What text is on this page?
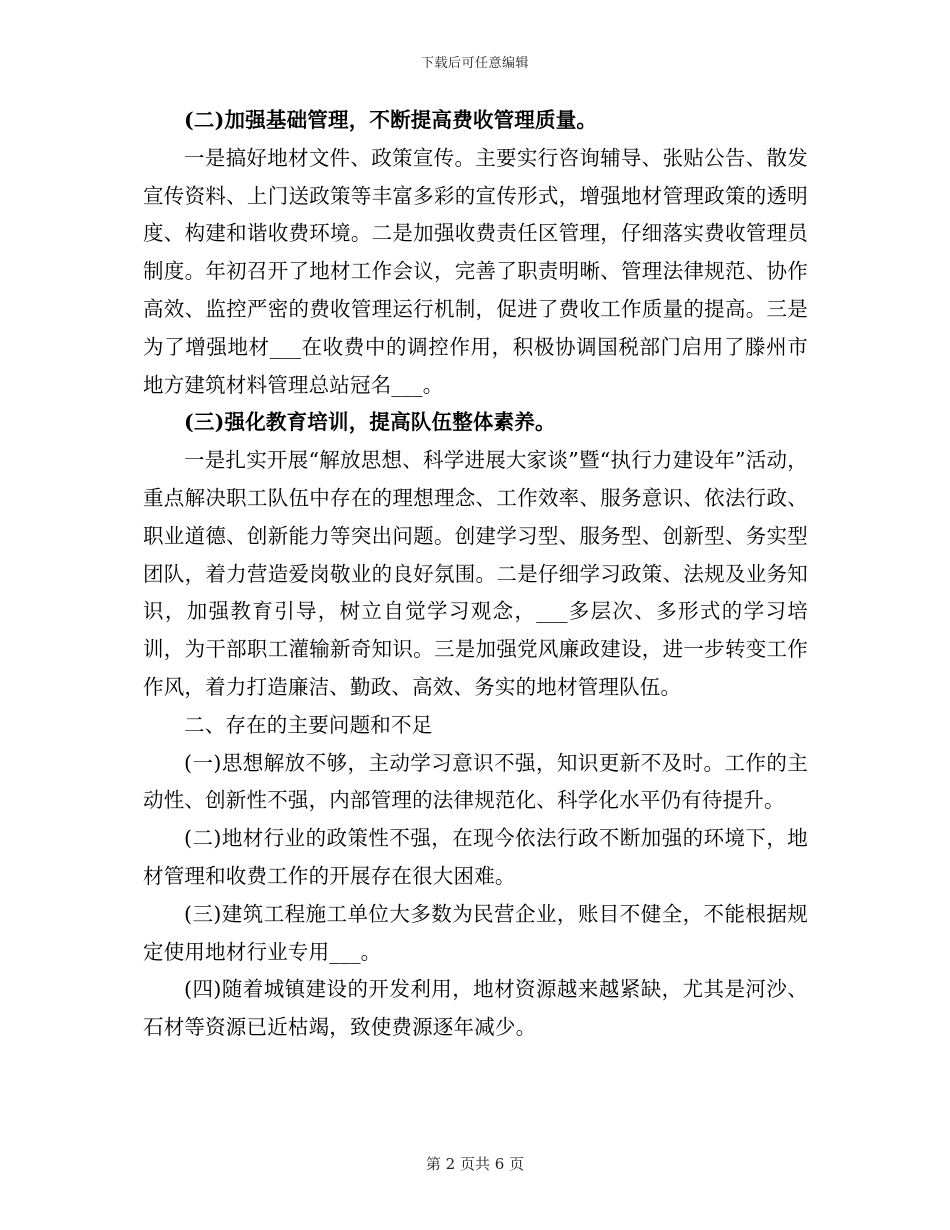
下载后可任意编辑

(二)加强基础管理，不断提高费收管理质量。

一是搞好地材文件、政策宣传。主要实行咨询辅导、张贴公告、散发宣传资料、上门送政策等丰富多彩的宣传形式，增强地材管理政策的透明度、构建和谐收费环境。二是加强收费责任区管理，仔细落实费收管理员制度。年初召开了地材工作会议，完善了职责明晰、管理法律规范、协作高效、监控严密的费收管理运行机制，促进了费收工作质量的提高。三是为了增强地材___在收费中的调控作用，积极协调国税部门启用了滕州市地方建筑材料管理总站冠名___。

(三)强化教育培训，提高队伍整体素养。

一是扎实开展“解放思想、科学进展大家谈”暨“执行力建设年”活动，重点解决职工队伍中存在的理想理念、工作效率、服务意识、依法行政、职业道德、创新能力等突出问题。创建学习型、服务型、创新型、务实型团队，着力营造爱岗敬业的良好氛围。二是仔细学习政策、法规及业务知识，加强教育引导，树立自觉学习观念，___多层次、多形式的学习培训，为干部职工灌输新奇知识。三是加强党风廉政建设，进一步转变工作作风，着力打造廉洁、勤政、高效、务实的地材管理队伍。

二、存在的主要问题和不足

(一)思想解放不够，主动学习意识不强，知识更新不及时。工作的主动性、创新性不强，内部管理的法律规范化、科学化水平仍有待提升。

(二)地材行业的政策性不强，在现今依法行政不断加强的环境下，地材管理和收费工作的开展存在很大困难。

(三)建筑工程施工单位大多数为民营企业，账目不健全，不能根据规定使用地材行业专用___。

(四)随着城镇建设的开发利用，地材资源越来越紧缺，尤其是河沙、石材等资源已近枯竭，致使费源逐年减少。

第 2 页共 6 页
